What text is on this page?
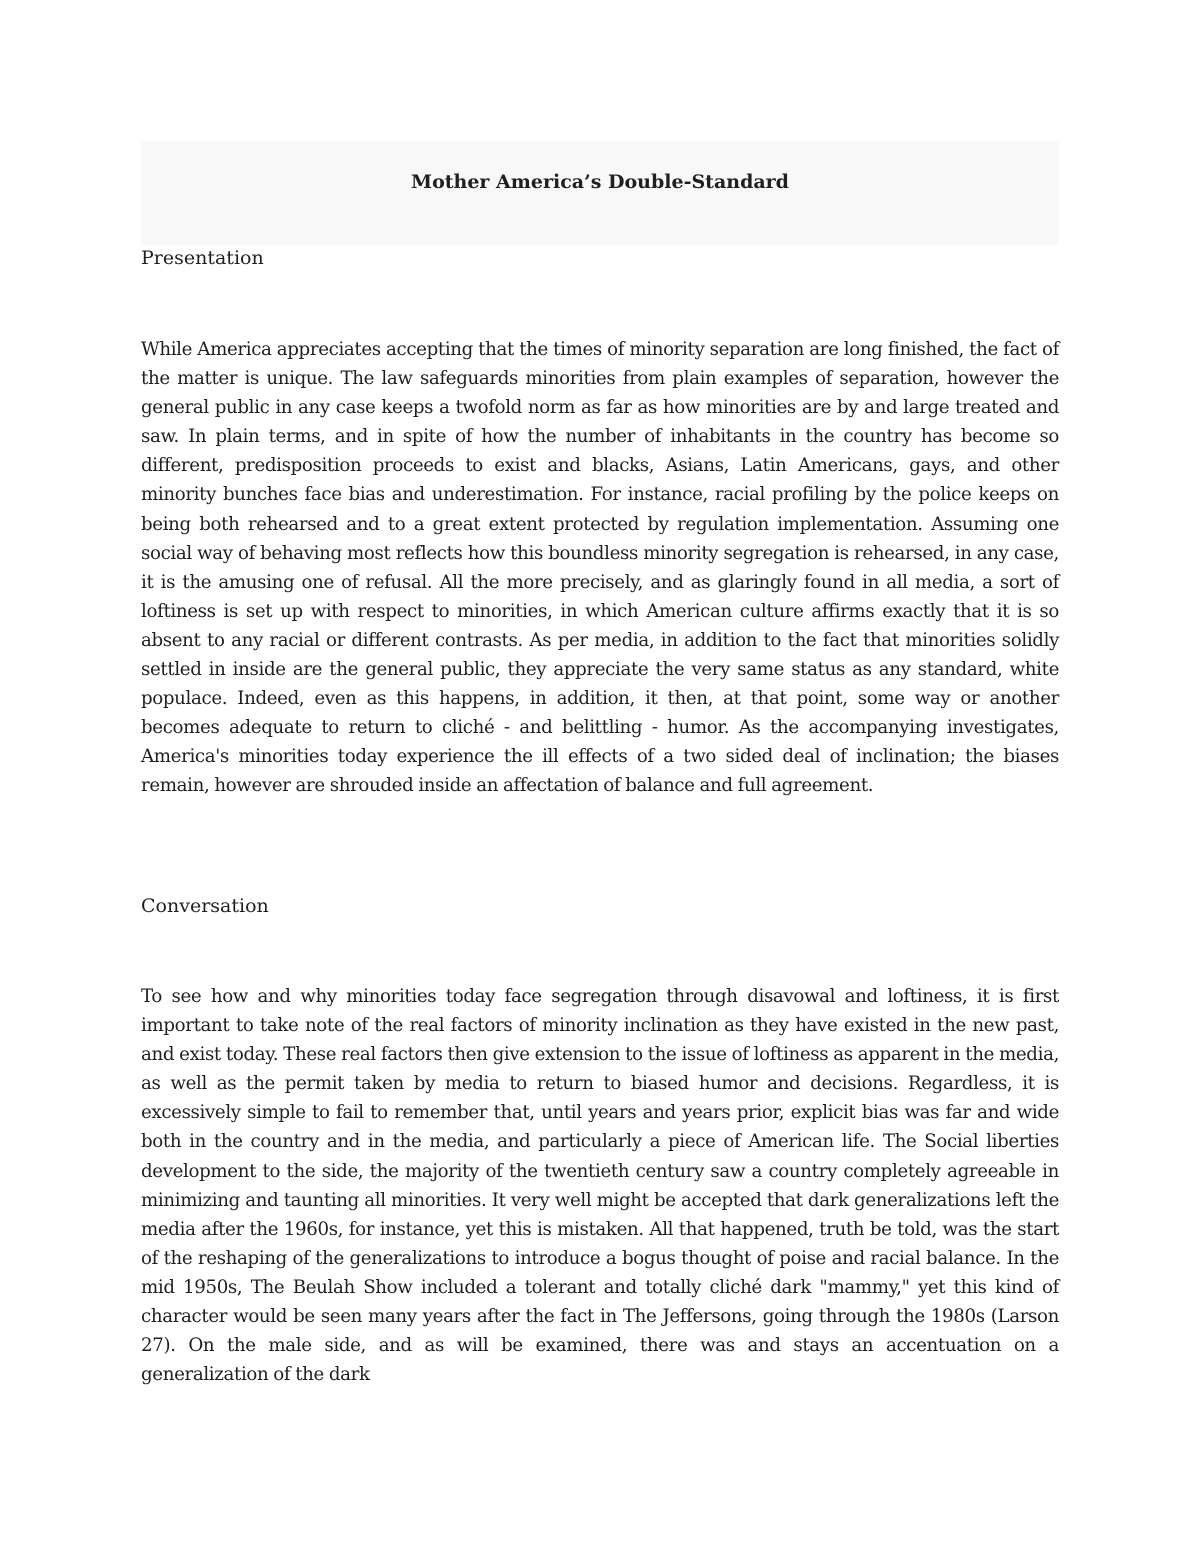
Mother America’s Double-Standard
Presentation

While America appreciates accepting that the times of minority separation are long finished, the fact of the matter is unique. The law safeguards minorities from plain examples of separation, however the general public in any case keeps a twofold norm as far as how minorities are by and large treated and saw. In plain terms, and in spite of how the number of inhabitants in the country has become so different, predisposition proceeds to exist and blacks, Asians, Latin Americans, gays, and other minority bunches face bias and underestimation. For instance, racial profiling by the police keeps on being both rehearsed and to a great extent protected by regulation implementation. Assuming one social way of behaving most reflects how this boundless minority segregation is rehearsed, in any case, it is the amusing one of refusal. All the more precisely, and as glaringly found in all media, a sort of loftiness is set up with respect to minorities, in which American culture affirms exactly that it is so absent to any racial or different contrasts. As per media, in addition to the fact that minorities solidly settled in inside are the general public, they appreciate the very same status as any standard, white populace. Indeed, even as this happens, in addition, it then, at that point, some way or another becomes adequate to return to cliché - and belittling - humor. As the accompanying investigates, America's minorities today experience the ill effects of a two sided deal of inclination; the biases remain, however are shrouded inside an affectation of balance and full agreement.

Conversation

To see how and why minorities today face segregation through disavowal and loftiness, it is first important to take note of the real factors of minority inclination as they have existed in the new past, and exist today. These real factors then give extension to the issue of loftiness as apparent in the media, as well as the permit taken by media to return to biased humor and decisions. Regardless, it is excessively simple to fail to remember that, until years and years prior, explicit bias was far and wide both in the country and in the media, and particularly a piece of American life. The Social liberties development to the side, the majority of the twentieth century saw a country completely agreeable in minimizing and taunting all minorities. It very well might be accepted that dark generalizations left the media after the 1960s, for instance, yet this is mistaken. All that happened, truth be told, was the start of the reshaping of the generalizations to introduce a bogus thought of poise and racial balance. In the mid 1950s, The Beulah Show included a tolerant and totally cliché dark "mammy," yet this kind of character would be seen many years after the fact in The Jeffersons, going through the 1980s (Larson 27). On the male side, and as will be examined, there was and stays an accentuation on a generalization of the dark
